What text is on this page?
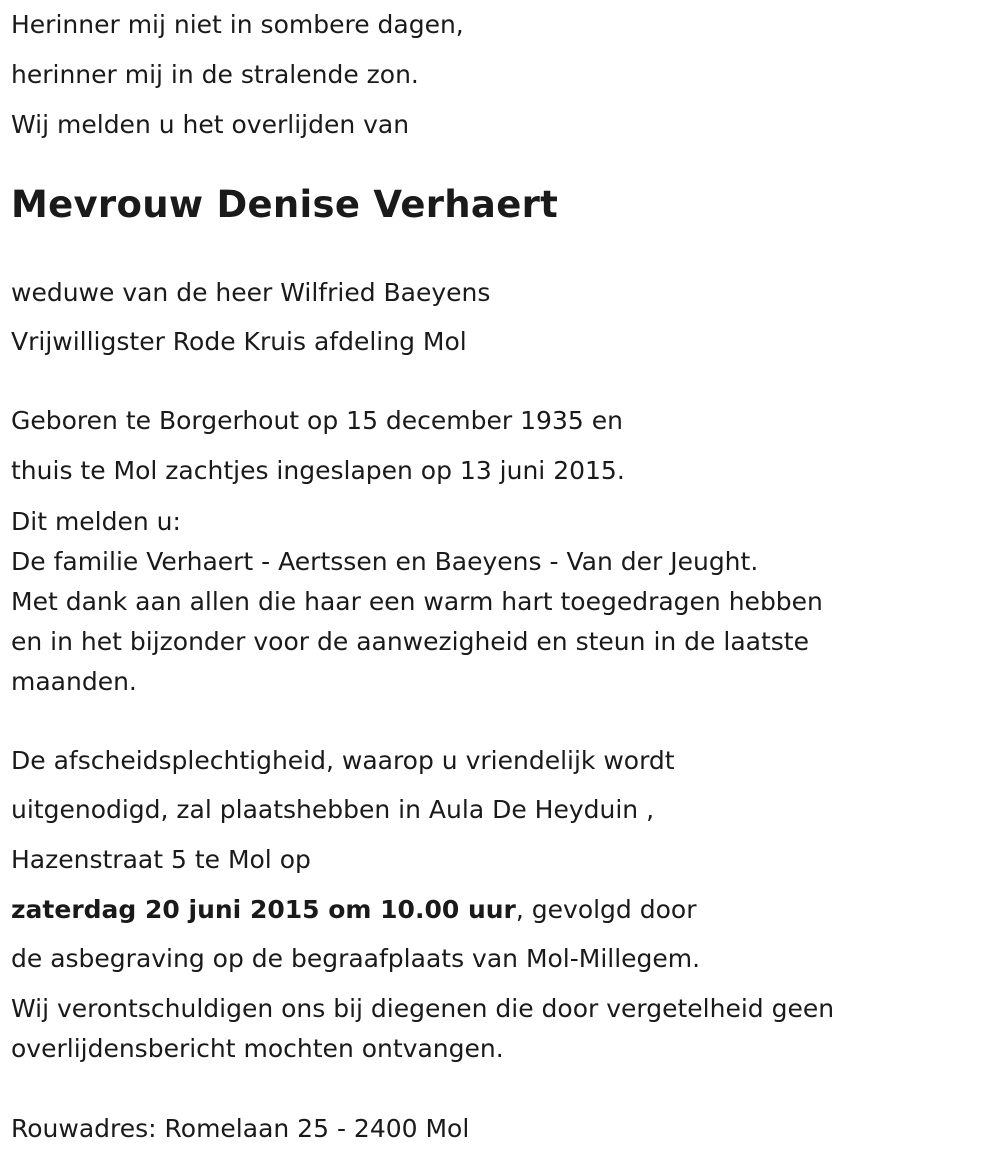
Herinner mij niet in sombere dagen,
herinner mij in de stralende zon.
Wij melden u het overlijden van
Mevrouw Denise Verhaert
weduwe van de heer Wilfried Baeyens
Vrijwilligster Rode Kruis afdeling Mol
Geboren te Borgerhout op 15 december 1935 en
thuis te Mol zachtjes ingeslapen op 13 juni 2015.
Dit melden u:
De familie Verhaert - Aertssen en Baeyens - Van der Jeught.
Met dank aan allen die haar een warm hart toegedragen hebben
en in het bijzonder voor de aanwezigheid en steun in de laatste
maanden.
De afscheidsplechtigheid, waarop u vriendelijk wordt
uitgenodigd, zal plaatshebben in Aula De Heyduin ,
Hazenstraat 5 te Mol op
zaterdag 20 juni 2015 om 10.00 uur, gevolgd door
de asbegraving op de begraafplaats van Mol-Millegem.
Wij verontschuldigen ons bij diegenen die door vergetelheid geen
overlijdensbericht mochten ontvangen.
Rouwadres: Romelaan 25 - 2400 Mol
